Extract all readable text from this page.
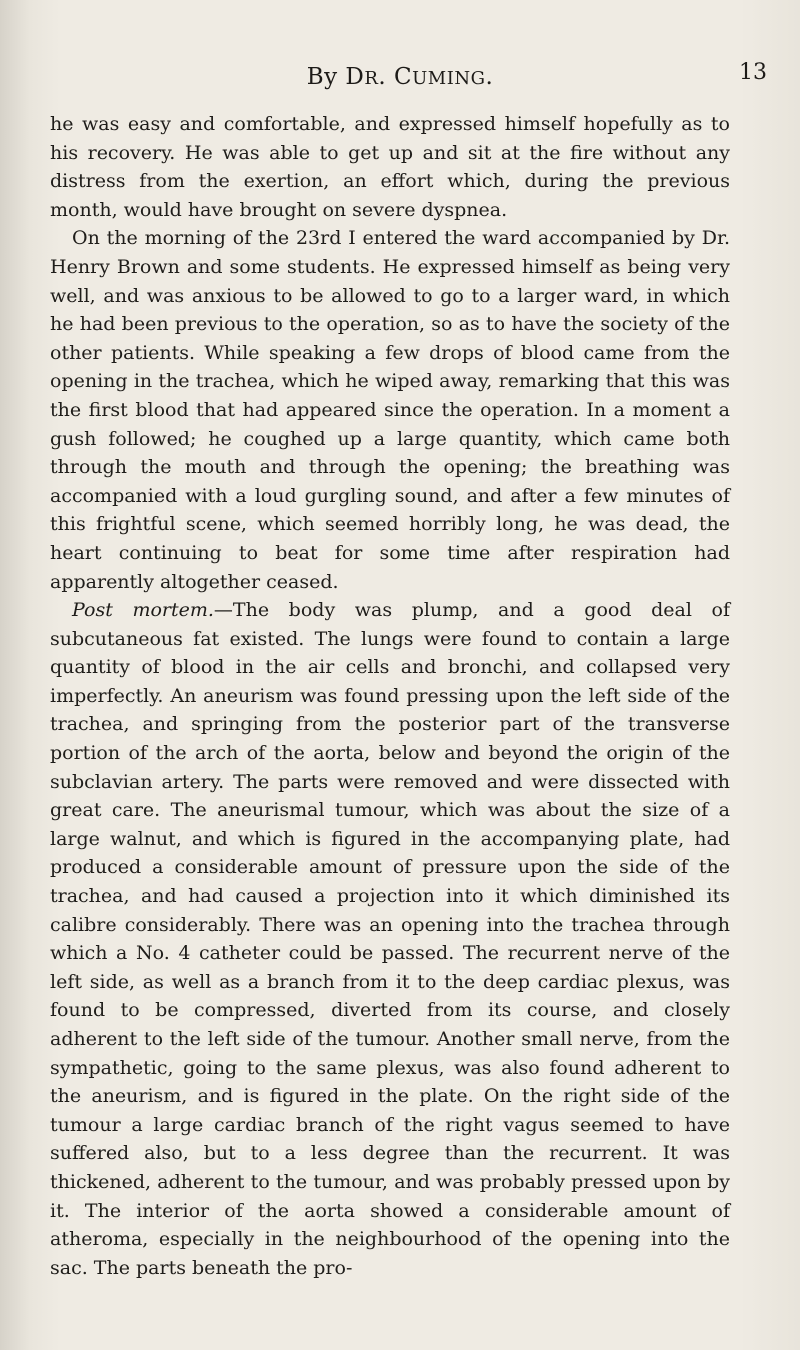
By DR. CUMING.	13

he was easy and comfortable, and expressed himself hopefully as to his recovery. He was able to get up and sit at the fire without any distress from the exertion, an effort which, during the previous month, would have brought on severe dyspnea.

On the morning of the 23rd I entered the ward accompanied by Dr. Henry Brown and some students. He expressed himself as being very well, and was anxious to be allowed to go to a larger ward, in which he had been previous to the operation, so as to have the society of the other patients. While speaking a few drops of blood came from the opening in the trachea, which he wiped away, remarking that this was the first blood that had appeared since the operation. In a moment a gush followed; he coughed up a large quantity, which came both through the mouth and through the opening; the breathing was accompanied with a loud gurgling sound, and after a few minutes of this frightful scene, which seemed horribly long, he was dead, the heart continuing to beat for some time after respiration had apparently altogether ceased.

Post mortem.—The body was plump, and a good deal of subcutaneous fat existed. The lungs were found to contain a large quantity of blood in the air cells and bronchi, and collapsed very imperfectly. An aneurism was found pressing upon the left side of the trachea, and springing from the posterior part of the transverse portion of the arch of the aorta, below and beyond the origin of the subclavian artery. The parts were removed and were dissected with great care. The aneurismal tumour, which was about the size of a large walnut, and which is figured in the accompanying plate, had produced a considerable amount of pressure upon the side of the trachea, and had caused a projection into it which diminished its calibre considerably. There was an opening into the trachea through which a No. 4 catheter could be passed. The recurrent nerve of the left side, as well as a branch from it to the deep cardiac plexus, was found to be compressed, diverted from its course, and closely adherent to the left side of the tumour. Another small nerve, from the sympathetic, going to the same plexus, was also found adherent to the aneurism, and is figured in the plate. On the right side of the tumour a large cardiac branch of the right vagus seemed to have suffered also, but to a less degree than the recurrent. It was thickened, adherent to the tumour, and was probably pressed upon by it. The interior of the aorta showed a considerable amount of atheroma, especially in the neighbourhood of the opening into the sac. The parts beneath the pro-
